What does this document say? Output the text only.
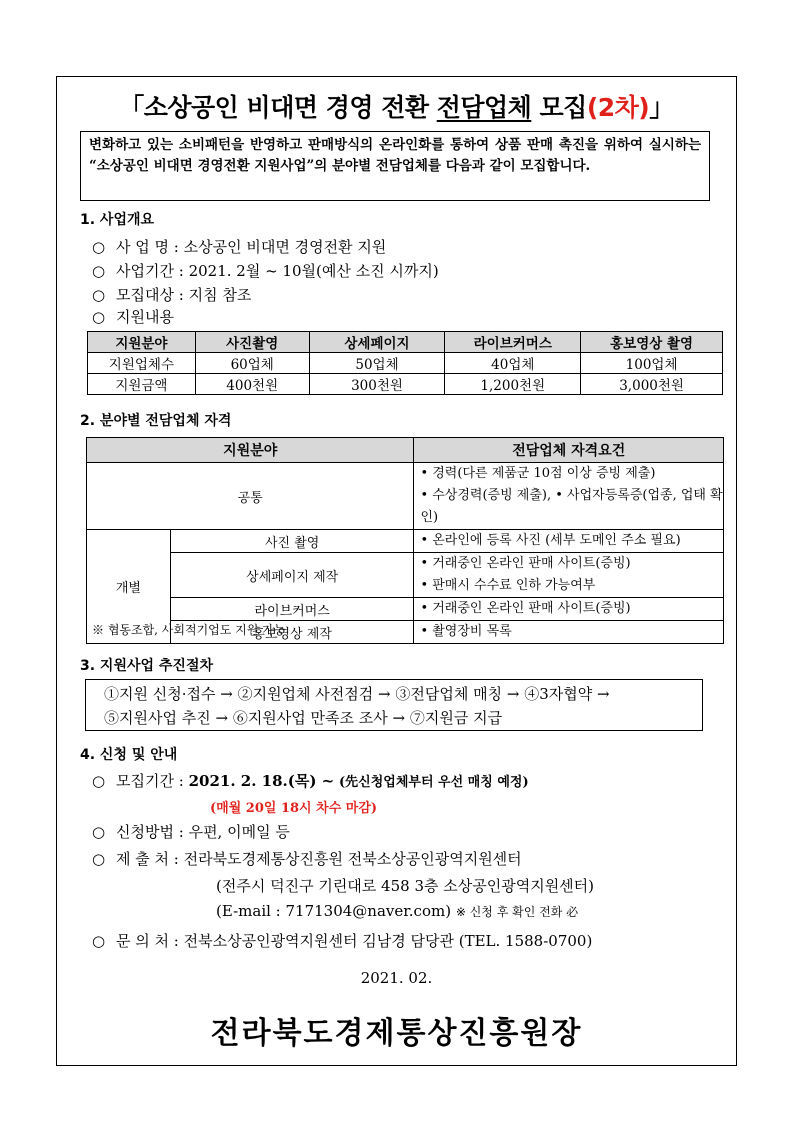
「소상공인 비대면 경영 전환 전담업체 모집(2차)」
변화하고 있는 소비패턴을 반영하고 판매방식의 온라인화를 통하여 상품 판매 촉진을 위하여 실시하는 “소상공인 비대면 경영전환 지원사업”의 분야별 전담업체를 다음과 같이 모집합니다.
1. 사업개요
○ 사 업 명 : 소상공인 비대면 경영전환 지원
○ 사업기간 : 2021. 2월 ~ 10월(예산 소진 시까지)
○ 모집대상 : 지침 참조
○ 지원내용
지원분야	사진촬영	상세페이지	라이브커머스	홍보영상 촬영
지원업체수	60업체	50업체	40업체	100업체
지원금액	400천원	300천원	1,200천원	3,000천원
2. 분야별 전담업체 자격
지원분야		전담업체 자격요건
공통		• 경력(다른 제품군 10점 이상 증빙 제출)
• 수상경력(증빙 제출), • 사업자등록증(업종, 업태 확인)

개별	사진 촬영	• 온라인에 등록 사진 (세부 도메인 주소 필요)

	상세페이지 제작	• 거래중인 온라인 판매 사이트(증빙)
• 판매시 수수료 인하 가능여부

	라이브커머스	• 거래중인 온라인 판매 사이트(증빙)

	홍보영상 제작	• 촬영장비 목록
※ 협동조합, 사회적기업도 지원 가능
3. 지원사업 추진절차
①지원 신청·접수 → ②지원업체 사전점검 → ③전담업체 매칭 → ④3자협약 →
⑤지원사업 추진 → ⑥지원사업 만족조 조사 → ⑦지원금 지급
4. 신청 및 안내
○ 모집기간 : 2021. 2. 18.(목) ~ (先신청업체부터 우선 매칭 예정)
(매월 20일 18시 차수 마감)
○ 신청방법 : 우편, 이메일 등
○ 제 출 처 : 전라북도경제통상진흥원 전북소상공인광역지원센터
(전주시 덕진구 기린대로 458 3층 소상공인광역지원센터)
(E-mail : 7171304@naver.com) ※ 신청 후 확인 전화 必
○ 문 의 처 : 전북소상공인광역지원센터 김남경 담당관 (TEL. 1588-0700)
2021. 02.
전라북도경제통상진흥원장
